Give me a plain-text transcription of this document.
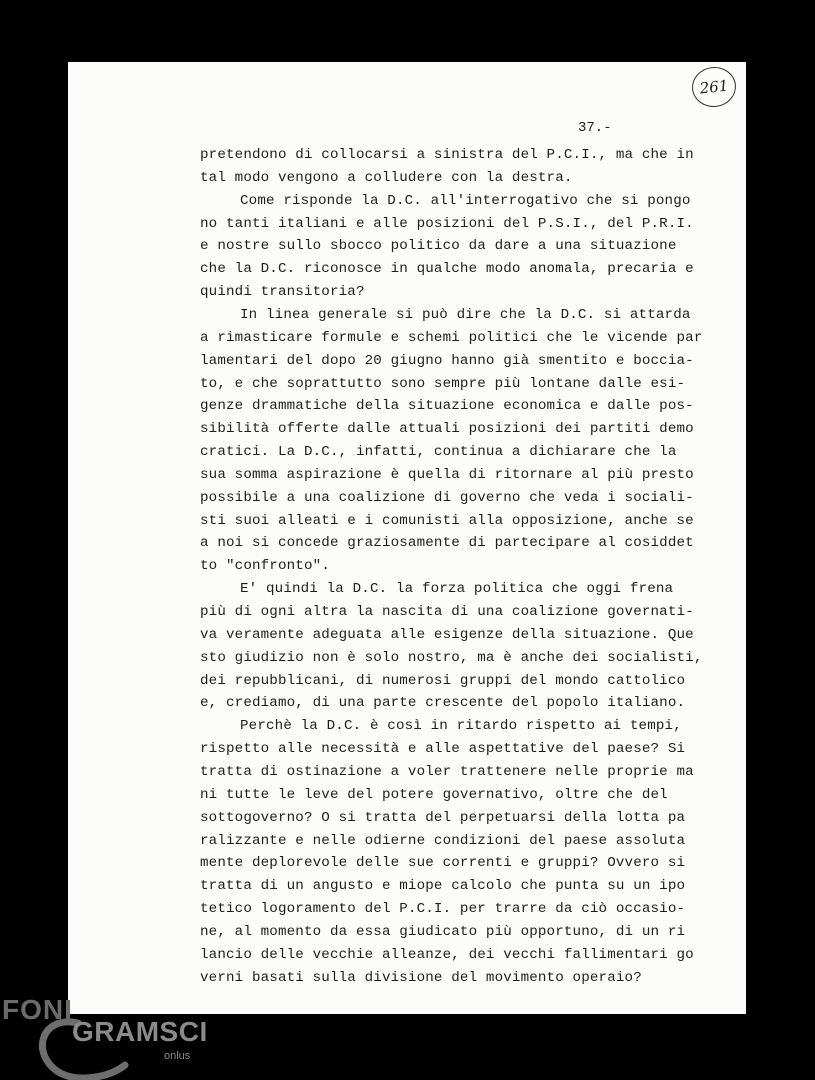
261
37.-
pretendono di collocarsi a sinistra del P.C.I., ma che in
tal modo vengono a colludere con la destra.
Come risponde la D.C. all'interrogativo che si pongo
no tanti italiani e alle posizioni del P.S.I., del P.R.I.
e nostre sullo sbocco politico da dare a una situazione
che la D.C. riconosce in qualche modo anomala, precaria e
quindi transitoria?
In linea generale si può dire che la D.C. si attarda
a rimasticare formule e schemi politici che le vicende par
lamentari del dopo 20 giugno hanno già smentito e boccia-
to, e che soprattutto sono sempre più lontane dalle esi-
genze drammatiche della situazione economica e dalle pos-
sibilità offerte dalle attuali posizioni dei partiti demo
cratici. La D.C., infatti, continua a dichiarare che la
sua somma aspirazione è quella di ritornare al più presto
possibile a una coalizione di governo che veda i sociali-
sti suoi alleati e i comunisti alla opposizione, anche se
a noi si concede graziosamente di partecipare al cosiddet
to "confronto".
E' quindi la D.C. la forza politica che oggi frena
più di ogni altra la nascita di una coalizione governati-
va veramente adeguata alle esigenze della situazione. Que
sto giudizio non è solo nostro, ma è anche dei socialisti,
dei repubblicani, di numerosi gruppi del mondo cattolico
e, crediamo, di una parte crescente del popolo italiano.
Perchè la D.C. è così in ritardo rispetto ai tempi,
rispetto alle necessità e alle aspettative del paese? Si
tratta di ostinazione a voler trattenere nelle proprie ma
ni tutte le leve del potere governativo, oltre che del
sottogoverno? O si tratta del perpetuarsi della lotta pa
ralizzante e nelle odierne condizioni del paese assoluta
mente deplorevole delle sue correnti e gruppi? Ovvero si
tratta di un angusto e miope calcolo che punta su un ipo
tetico logoramento del P.C.I. per trarre da ciò occasio-
ne, al momento da essa giudicato più opportuno, di un ri
lancio delle vecchie alleanze, dei vecchi fallimentari go
verni basati sulla divisione del movimento operaio?
FONI
GRAMSCI
onlus
